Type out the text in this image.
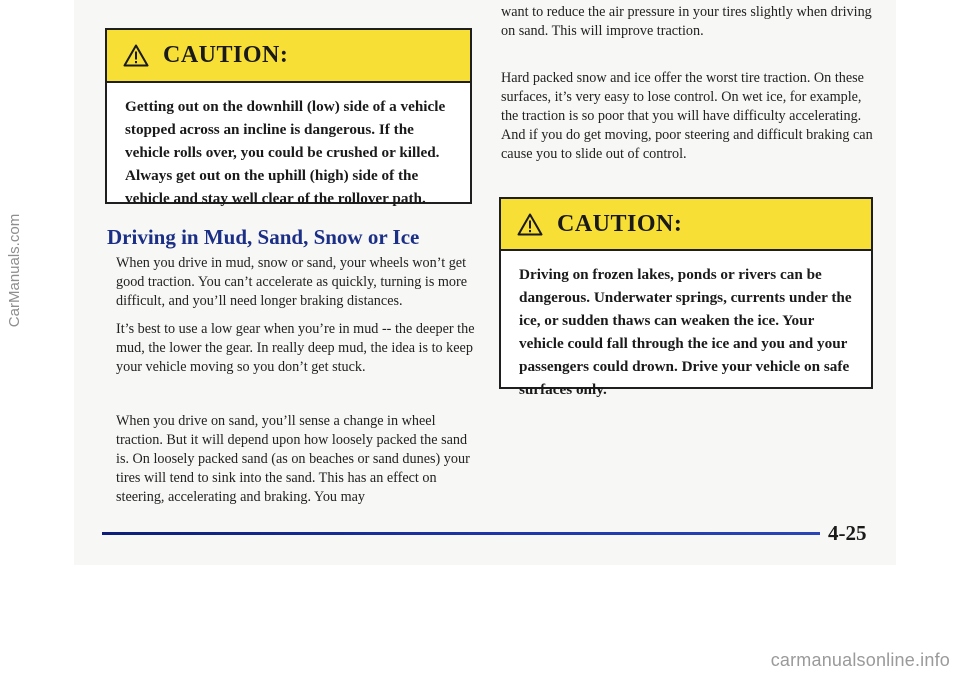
CAUTION:
Getting out on the downhill (low) side of a vehicle stopped across an incline is dangerous. If the vehicle rolls over, you could be crushed or killed. Always get out on the uphill (high) side of the vehicle and stay well clear of the rollover path.
Driving in Mud, Sand, Snow or Ice
When you drive in mud, snow or sand, your wheels won’t get good traction. You can’t accelerate as quickly, turning is more difficult, and you’ll need longer braking distances.
It’s best to use a low gear when you’re in mud -- the deeper the mud, the lower the gear. In really deep mud, the idea is to keep your vehicle moving so you don’t get stuck.
When you drive on sand, you’ll sense a change in wheel traction. But it will depend upon how loosely packed the sand is. On loosely packed sand (as on beaches or sand dunes) your tires will tend to sink into the sand. This has an effect on steering, accelerating and braking. You may
want to reduce the air pressure in your tires slightly when driving on sand. This will improve traction.
Hard packed snow and ice offer the worst tire traction. On these surfaces, it’s very easy to lose control. On wet ice, for example, the traction is so poor that you will have difficulty accelerating. And if you do get moving, poor steering and difficult braking can cause you to slide out of control.
CAUTION:
Driving on frozen lakes, ponds or rivers can be dangerous. Underwater springs, currents under the ice, or sudden thaws can weaken the ice. Your vehicle could fall through the ice and you and your passengers could drown. Drive your vehicle on safe surfaces only.
4-25
CarManuals.com
carmanualsonline.info
